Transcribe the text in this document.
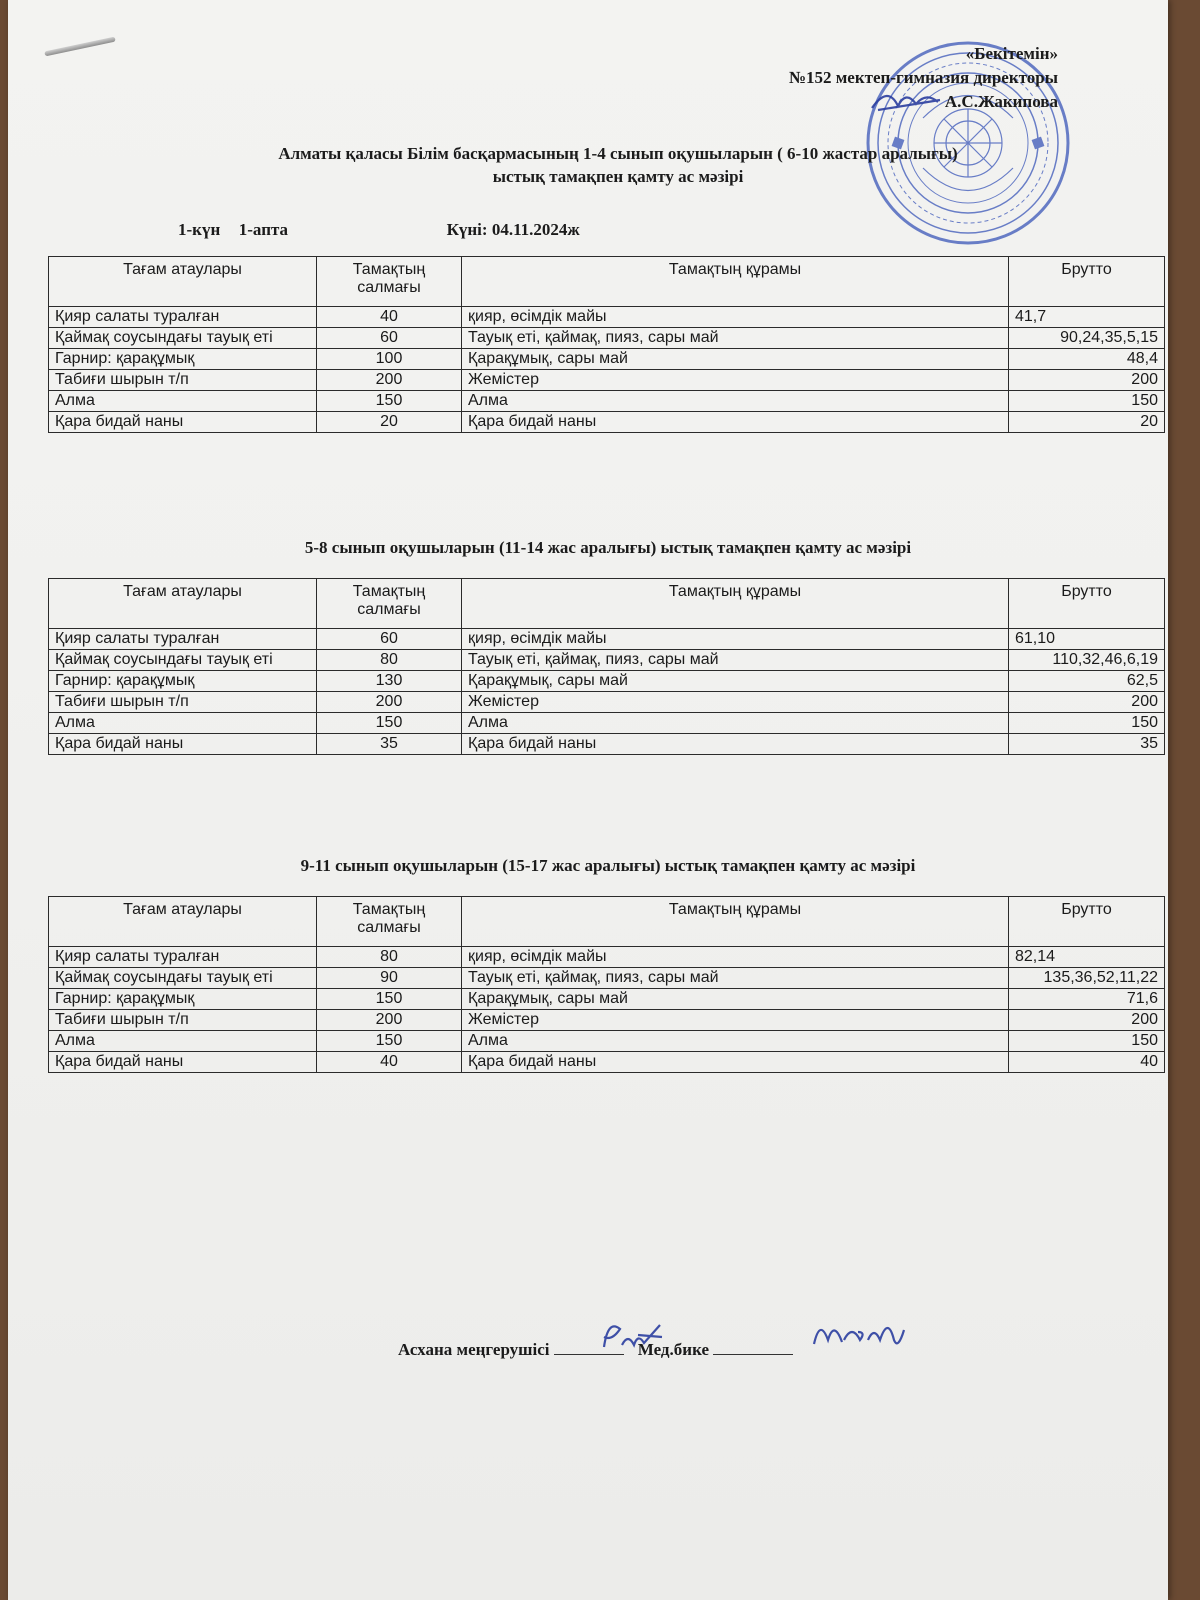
«Бекітемін»
№152 мектеп-гимназия директоры
А.С.Жакипова
Алматы қаласы Білім басқармасының 1-4 сынып оқушыларын ( 6-10 жастар аралығы)
ыстық тамақпен қамту ас мәзірі
1-күн 1-апта	Күні: 04.11.2024ж
Тағам атаулары	Тамақтың салмағы	Тамақтың құрамы	Брутто
Қияр салаты туралған	40	қияр, өсімдік майы	41,7
Қаймақ соусындағы тауық еті	60	Тауық еті, қаймақ, пияз, сары май	90,24,35,5,15
Гарнир: қарақұмық	100	Қарақұмық, сары май	48,4
Табиғи шырын т/п	200	Жемістер	200
Алма	150	Алма	150
Қара бидай наны	20	Қара бидай наны	20
5-8 сынып оқушыларын (11-14 жас аралығы) ыстық тамақпен қамту ас мәзірі
Тағам атаулары	Тамақтың салмағы	Тамақтың құрамы	Брутто
Қияр салаты туралған	60	қияр, өсімдік майы	61,10
Қаймақ соусындағы тауық еті	80	Тауық еті, қаймақ, пияз, сары май	110,32,46,6,19
Гарнир: қарақұмық	130	Қарақұмық, сары май	62,5
Табиғи шырын т/п	200	Жемістер	200
Алма	150	Алма	150
Қара бидай наны	35	Қара бидай наны	35
9-11 сынып оқушыларын (15-17 жас аралығы) ыстық тамақпен қамту ас мәзірі
Тағам атаулары	Тамақтың салмағы	Тамақтың құрамы	Брутто
Қияр салаты туралған	80	қияр, өсімдік майы	82,14
Қаймақ соусындағы тауық еті	90	Тауық еті, қаймақ, пияз, сары май	135,36,52,11,22
Гарнир: қарақұмық	150	Қарақұмық, сары май	71,6
Табиғи шырын т/п	200	Жемістер	200
Алма	150	Алма	150
Қара бидай наны	40	Қара бидай наны	40
Асхана меңгерушісі	Мед.бике
